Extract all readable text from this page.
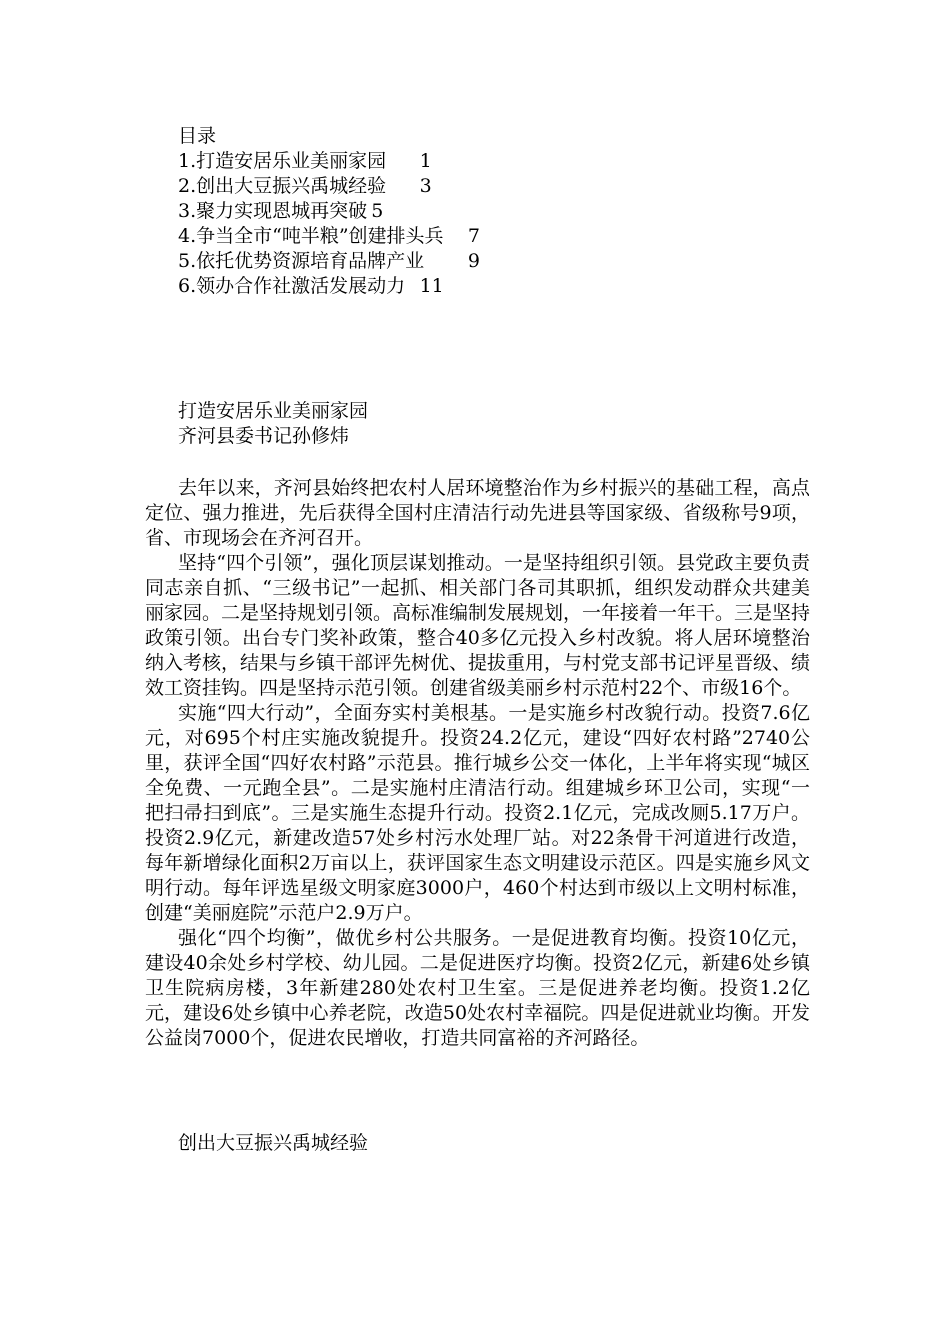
目录
1.打造安居乐业美丽家园	1
2.创出大豆振兴禹城经验	3
3.聚力实现恩城再突破	5
4.争当全市“吨半粮”创建排头兵	7
5.依托优势资源培育品牌产业	9
6.领办合作社激活发展动力	11
打造安居乐业美丽家园
齐河县委书记孙修炜

去年以来，齐河县始终把农村人居环境整治作为乡村振兴的基础工程，高点定位、强力推进，先后获得全国村庄清洁行动先进县等国家级、省级称号9项，省、市现场会在齐河召开。

坚持“四个引领”，强化顶层谋划推动。一是坚持组织引领。县党政主要负责同志亲自抓、“三级书记”一起抓、相关部门各司其职抓，组织发动群众共建美丽家园。二是坚持规划引领。高标准编制发展规划，一年接着一年干。三是坚持政策引领。出台专门奖补政策，整合40多亿元投入乡村改貌。将人居环境整治纳入考核，结果与乡镇干部评先树优、提拔重用，与村党支部书记评星晋级、绩效工资挂钩。四是坚持示范引领。创建省级美丽乡村示范村22个、市级16个。

实施“四大行动”，全面夯实村美根基。一是实施乡村改貌行动。投资7.6亿元，对695个村庄实施改貌提升。投资24.2亿元，建设“四好农村路”2740公里，获评全国“四好农村路”示范县。推行城乡公交一体化，上半年将实现“城区全免费、一元跑全县”。二是实施村庄清洁行动。组建城乡环卫公司，实现“一把扫帚扫到底”。三是实施生态提升行动。投资2.1亿元，完成改厕5.17万户。投资2.9亿元，新建改造57处乡村污水处理厂站。对22条骨干河道进行改造，每年新增绿化面积2万亩以上，获评国家生态文明建设示范区。四是实施乡风文明行动。每年评选星级文明家庭3000户，460个村达到市级以上文明村标准，创建“美丽庭院”示范户2.9万户。

强化“四个均衡”，做优乡村公共服务。一是促进教育均衡。投资10亿元，建设40余处乡村学校、幼儿园。二是促进医疗均衡。投资2亿元，新建6处乡镇卫生院病房楼，3年新建280处农村卫生室。三是促进养老均衡。投资1.2亿元，建设6处乡镇中心养老院，改造50处农村幸福院。四是促进就业均衡。开发公益岗7000个，促进农民增收，打造共同富裕的齐河路径。

创出大豆振兴禹城经验
